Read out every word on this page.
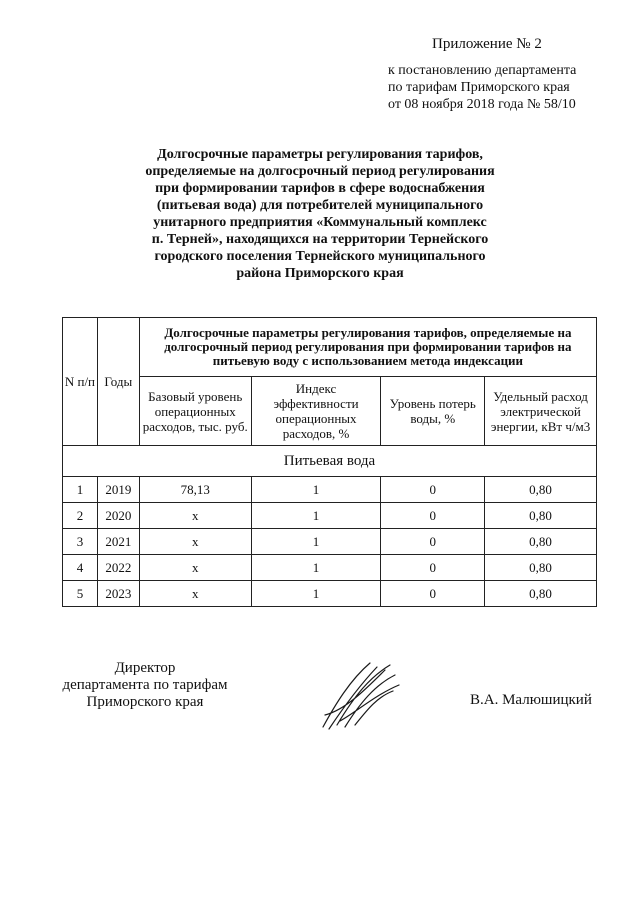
Приложение № 2
к постановлению департамента
по тарифам Приморского края
от 08 ноября 2018 года № 58/10
Долгосрочные параметры регулирования тарифов,
определяемые на долгосрочный период регулирования
при формировании тарифов в сфере водоснабжения
(питьевая вода) для потребителей муниципального
унитарного предприятия «Коммунальный комплекс
п. Терней», находящихся на территории Тернейского
городского поселения Тернейского муниципального
района Приморского края
N п/п	Годы	Долгосрочные параметры регулирования тарифов, определяемые на долгосрочный период регулирования при формировании тарифов на питьевую воду с использованием метода индексации			
		Базовый уровень операционных расходов, тыс. руб.	Индекс эффективности операционных расходов, %	Уровень потерь воды, %	Удельный расход электрической энергии, кВт ч/м3
Питьевая вода					
1	2019	78,13	1	0	0,80
2	2020	х	1	0	0,80
3	2021	х	1	0	0,80
4	2022	х	1	0	0,80
5	2023	х	1	0	0,80
Директор
департамента по тарифам
Приморского края	В.А. Малюшицкий
